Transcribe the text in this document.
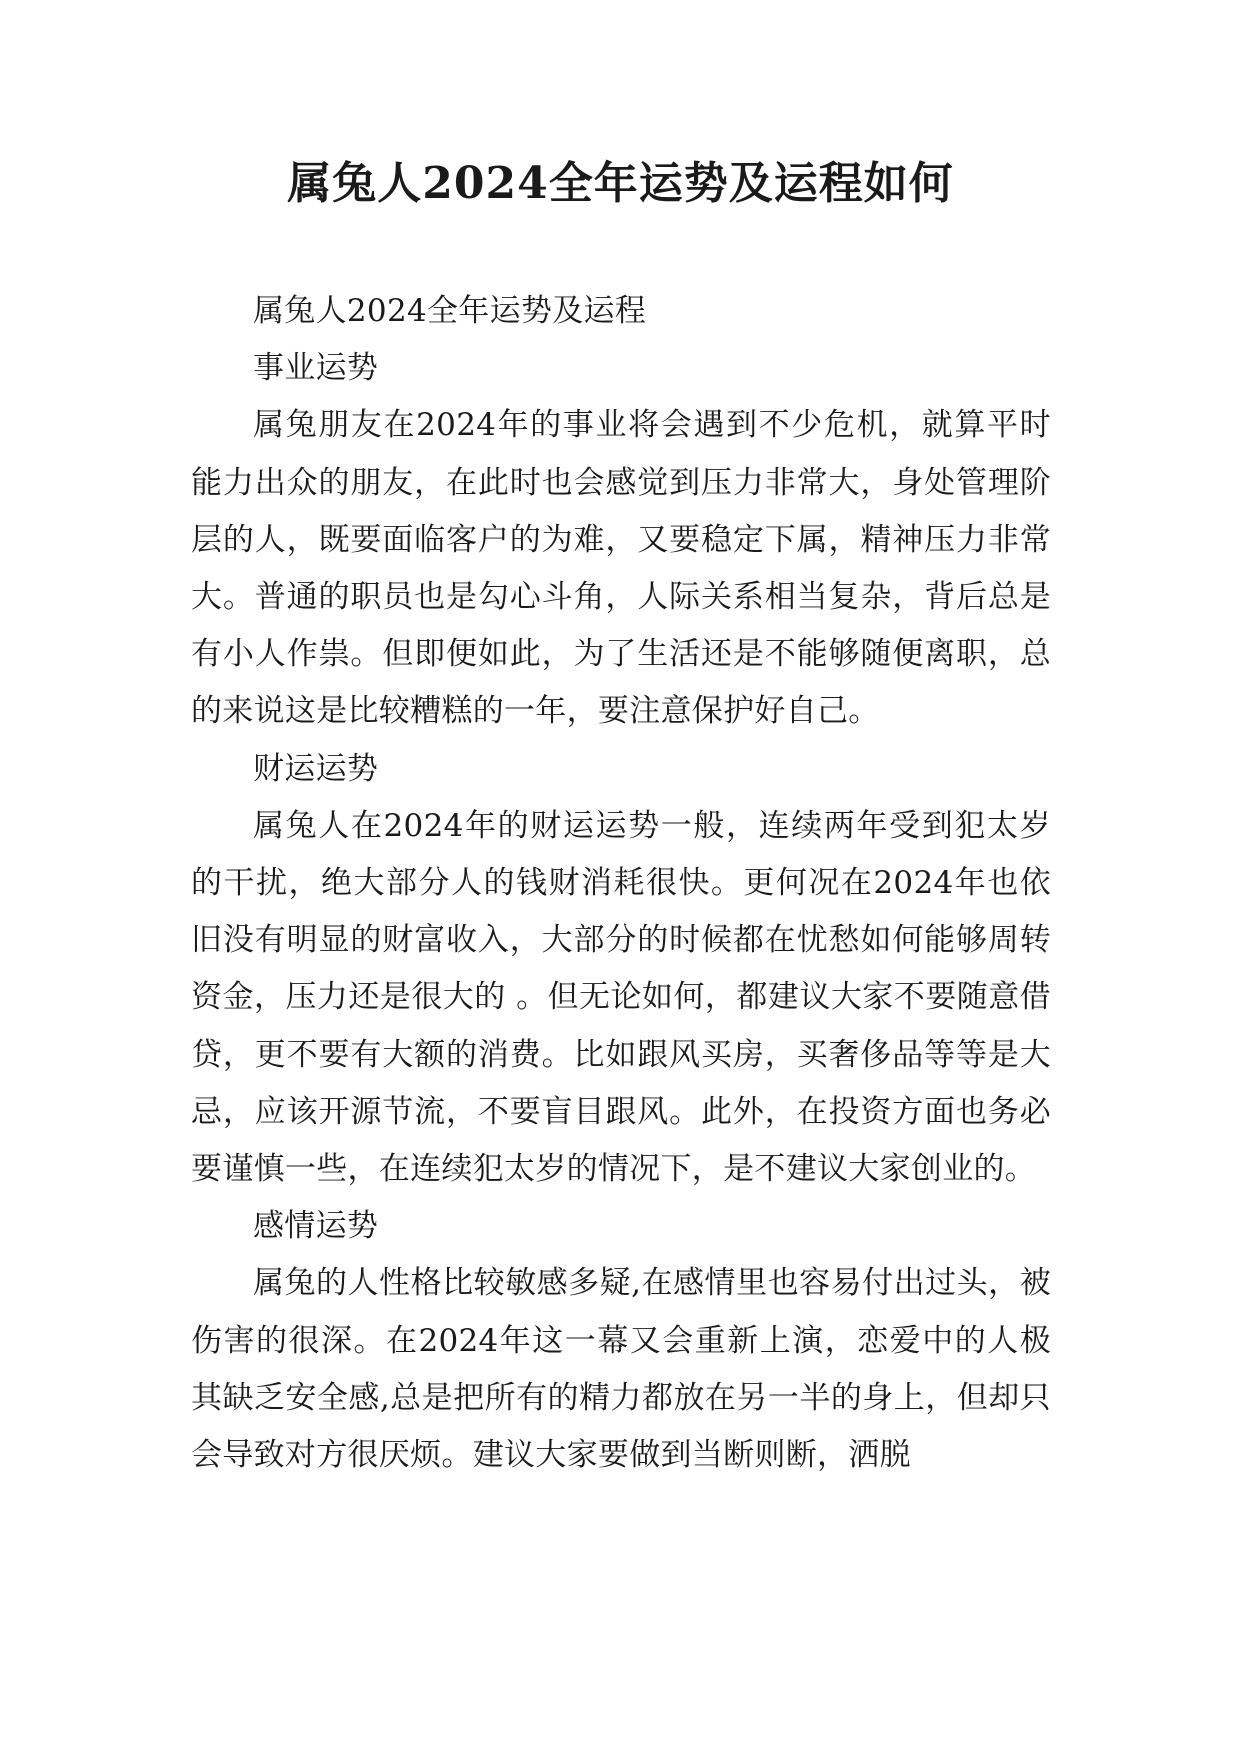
属兔人2024全年运势及运程如何

属兔人2024全年运势及运程

事业运势

属兔朋友在2024年的事业将会遇到不少危机，就算平时能力出众的朋友，在此时也会感觉到压力非常大，身处管理阶层的人，既要面临客户的为难，又要稳定下属，精神压力非常大。普通的职员也是勾心斗角，人际关系相当复杂，背后总是有小人作祟。但即便如此，为了生活还是不能够随便离职，总的来说这是比较糟糕的一年，要注意保护好自己。

财运运势

属兔人在2024年的财运运势一般，连续两年受到犯太岁的干扰，绝大部分人的钱财消耗很快。更何况在2024年也依旧没有明显的财富收入，大部分的时候都在忧愁如何能够周转资金，压力还是很大的 。但无论如何，都建议大家不要随意借贷，更不要有大额的消费。比如跟风买房，买奢侈品等等是大忌，应该开源节流，不要盲目跟风。此外，在投资方面也务必要谨慎一些，在连续犯太岁的情况下，是不建议大家创业的。

感情运势

属兔的人性格比较敏感多疑,在感情里也容易付出过头，被伤害的很深。在2024年这一幕又会重新上演，恋爱中的人极其缺乏安全感,总是把所有的精力都放在另一半的身上，但却只会导致对方很厌烦。建议大家要做到当断则断，洒脱
